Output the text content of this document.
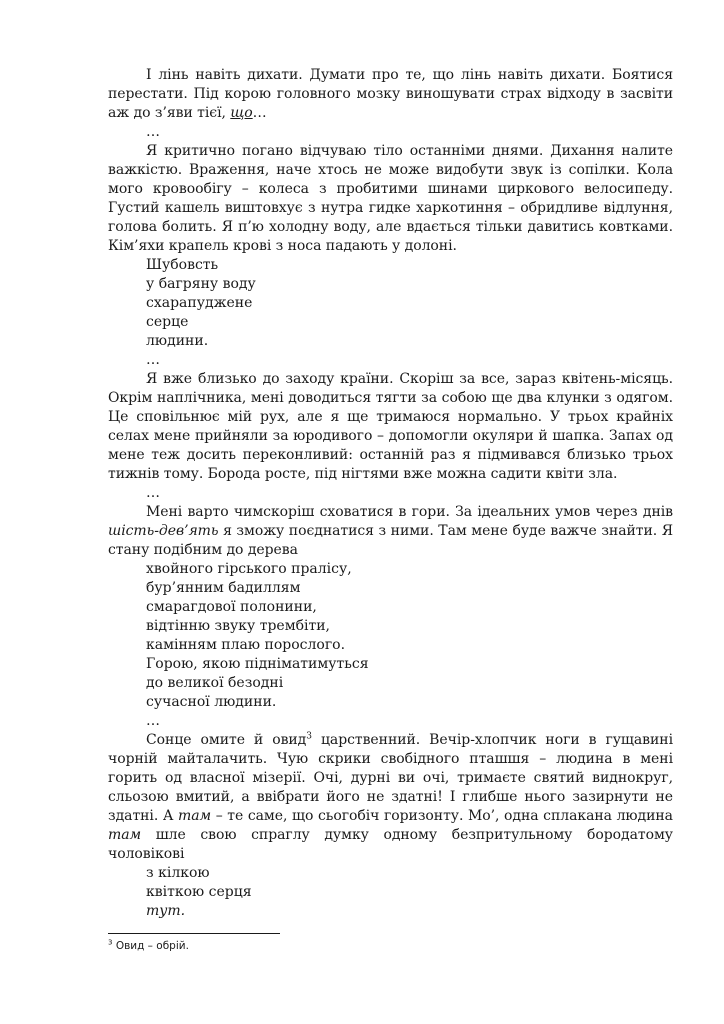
І лінь навіть дихати. Думати про те, що лінь навіть дихати. Боятися перестати. Під корою головного мозку виношувати страх відходу в засвіти аж до з’яви тієї, що…

…

Я критично погано відчуваю тіло останніми днями. Дихання налите важкістю. Враження, наче хтось не може видобути звук із сопілки. Кола мого кровообігу – колеса з пробитими шинами циркового велосипеду. Густий кашель виштовхує з нутра гидке харкотиння – обридливе відлуння, голова болить. Я п’ю холодну воду, але вдається тільки давитись ковтками. Кім’яхи крапель крові з носа падають у долоні.

Шубовсть

у багряну воду

схарапуджене

серце

людини.

…

Я вже близько до заходу країни. Скоріш за все, зараз квітень-місяць. Окрім наплічника, мені доводиться тягти за собою ще два клунки з одягом. Це сповільнює мій рух, але я ще тримаюся нормально. У трьох крайніх селах мене прийняли за юродивого – допомогли окуляри й шапка. Запах од мене теж досить переконливий: останній раз я підмивався близько трьох тижнів тому. Борода росте, під нігтями вже можна садити квіти зла.

…

Мені варто чимскоріш сховатися в гори. За ідеальних умов через днів шість-дев’ять я зможу поєднатися з ними. Там мене буде важче знайти. Я стану подібним до дерева

хвойного гірського пралісу,

бур’янним бадиллям

смарагдової полонини,

відтінню звуку трембіти,

камінням плаю порослого.

Горою, якою підніматимуться

до великої безодні

сучасної людини.

…

Сонце омите й овид$^3$ царственний. Вечір-хлопчик ноги в гущавині чорній майталачить. Чую скрики свобідного пташшя – людина в мені горить од власної мізерії. Очі, дурні ви очі, тримаєте святий виднокруг, сльозою вмитий, а ввібрати його не здатні! І глибше нього зазирнути не здатні. А там – те саме, що сьогобіч горизонту. Мо’, одна сплакана людина там шле свою спраглу думку одному безпритульному бородатому чоловікові

з кілкою

квіткою серця

тут.

$^3$ Овид – обрій.
